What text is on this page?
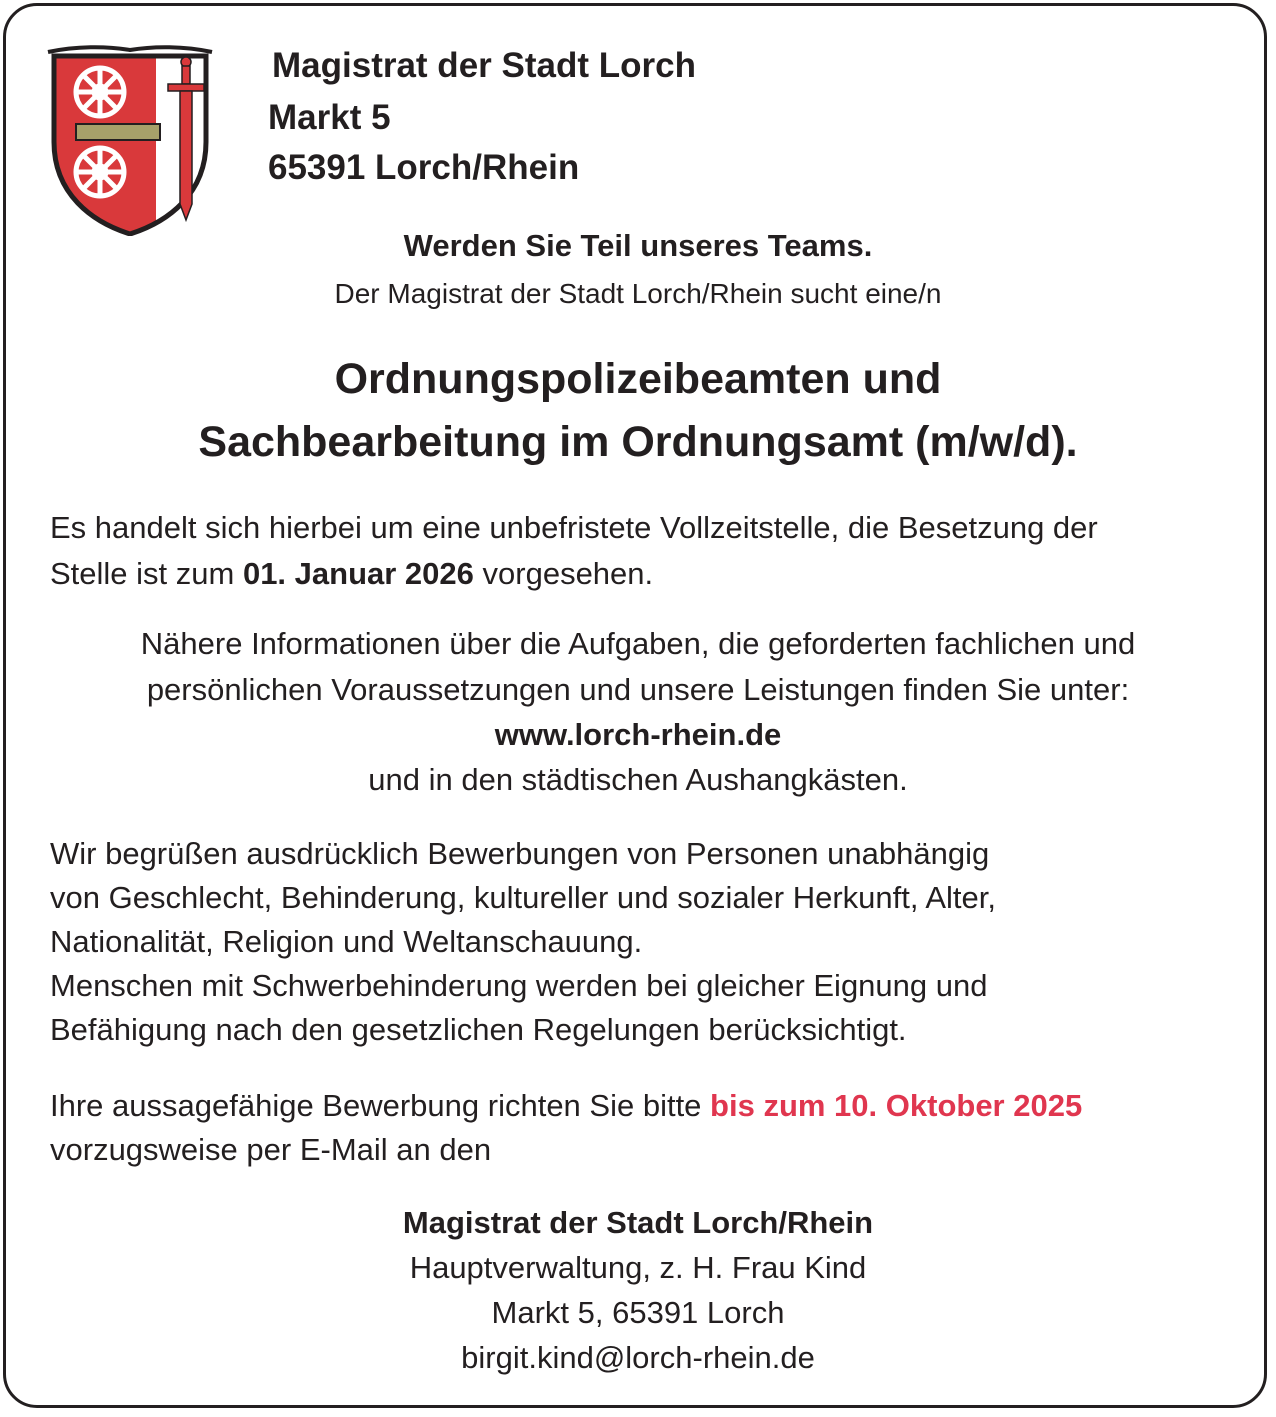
Magistrat der Stadt Lorch
Markt 5
65391 Lorch/Rhein
Werden Sie Teil unseres Teams.
Der Magistrat der Stadt Lorch/Rhein sucht eine/n
Ordnungspolizeibeamten und
Sachbearbeitung im Ordnungsamt (m/w/d).
Es handelt sich hierbei um eine unbefristete Vollzeitstelle, die Besetzung der
Stelle ist zum 01. Januar 2026 vorgesehen.
Nähere Informationen über die Aufgaben, die geforderten fachlichen und
persönlichen Voraussetzungen und unsere Leistungen finden Sie unter:
www.lorch-rhein.de
und in den städtischen Aushangkästen.
Wir begrüßen ausdrücklich Bewerbungen von Personen unabhängig
von Geschlecht, Behinderung, kultureller und sozialer Herkunft, Alter,
Nationalität, Religion und Weltanschauung.
Menschen mit Schwerbehinderung werden bei gleicher Eignung und
Befähigung nach den gesetzlichen Regelungen berücksichtigt.
Ihre aussagefähige Bewerbung richten Sie bitte bis zum 10. Oktober 2025
vorzugsweise per E-Mail an den
Magistrat der Stadt Lorch/Rhein
Hauptverwaltung, z. H. Frau Kind
Markt 5, 65391 Lorch
birgit.kind@lorch-rhein.de
